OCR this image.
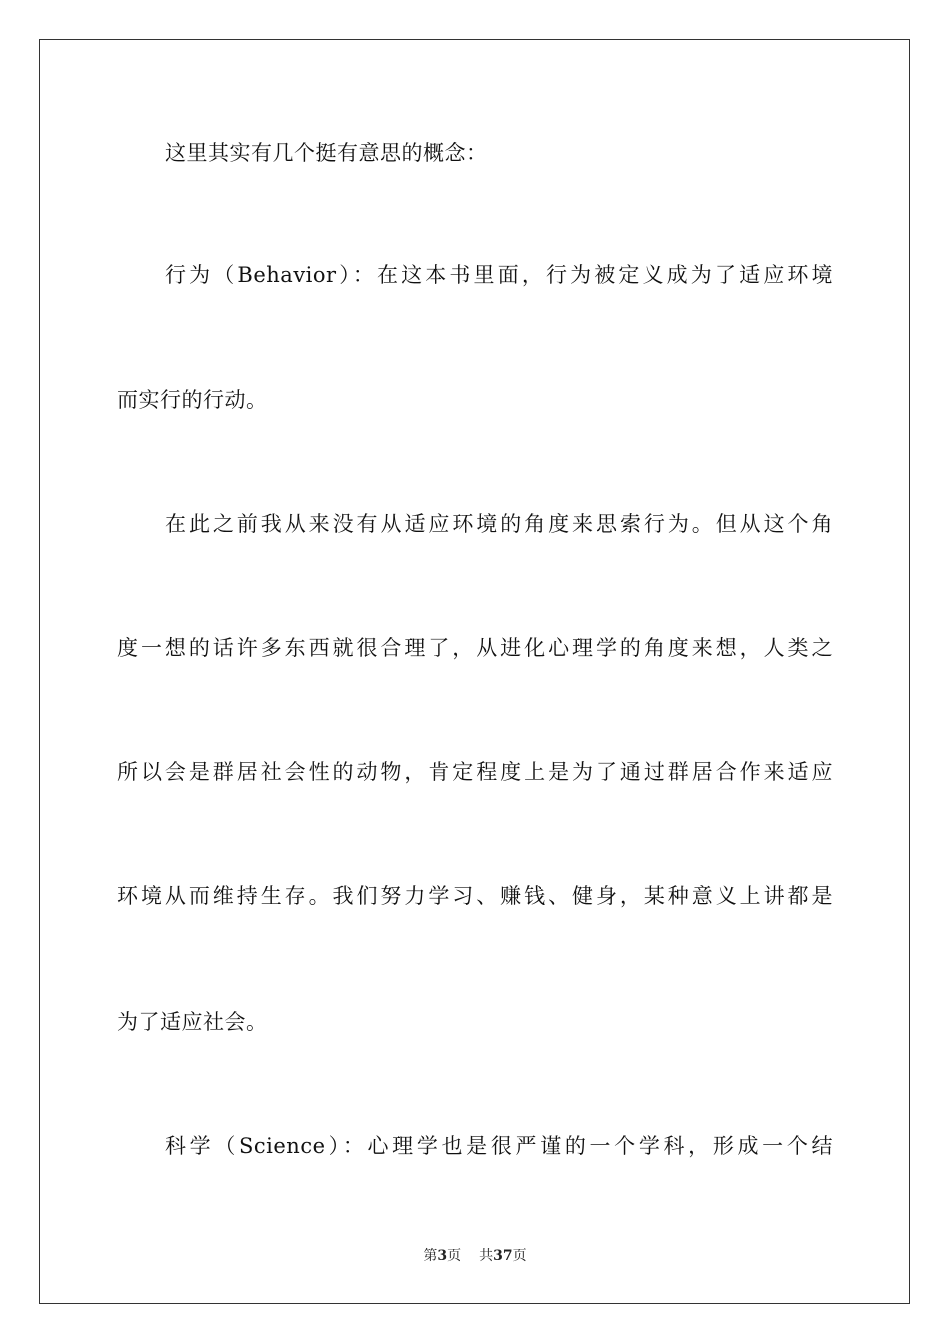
这里其实有几个挺有意思的概念：
行为（Behavior）：在这本书里面，行为被定义成为了适应环境
而实行的行动。
在此之前我从来没有从适应环境的角度来思索行为。但从这个角
度一想的话许多东西就很合理了，从进化心理学的角度来想，人类之
所以会是群居社会性的动物，肯定程度上是为了通过群居合作来适应
环境从而维持生存。我们努力学习、赚钱、健身，某种意义上讲都是
为了适应社会。
科学（Science）：心理学也是很严谨的一个学科，形成一个结
第3页 共37页
